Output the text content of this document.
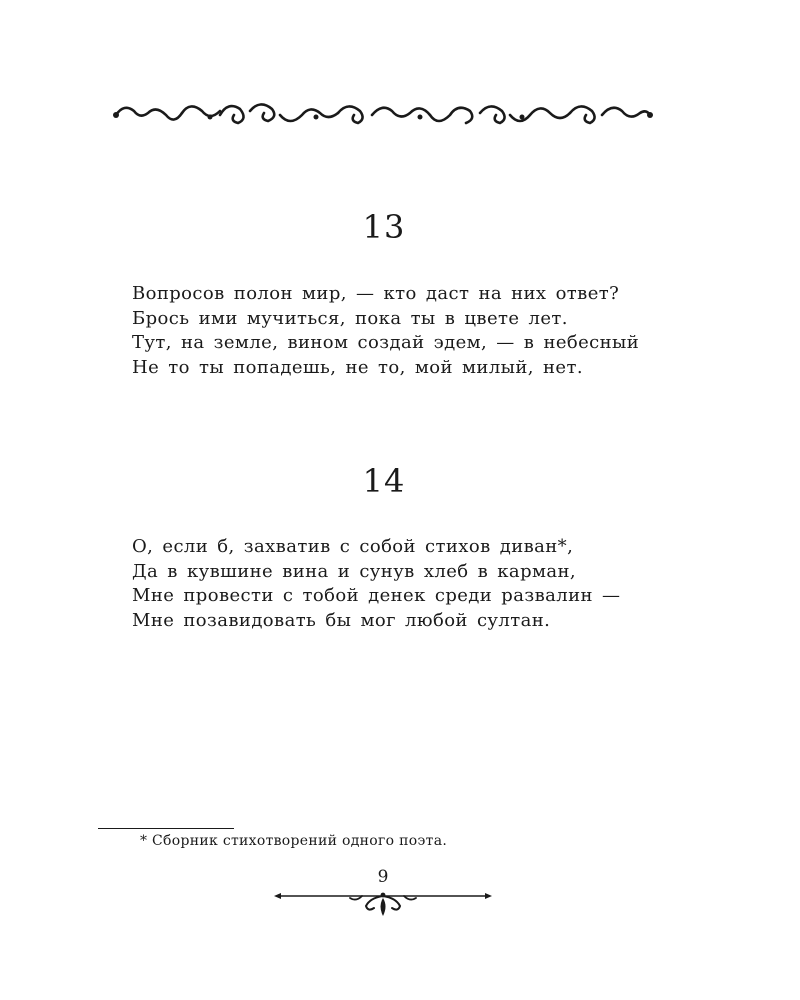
13

Вопросов полон мир, — кто даст на них ответ?
Брось ими мучиться, пока ты в цвете лет.
Тут, на земле, вином создай эдем, — в небесный
Не то ты попадешь, не то, мой милый, нет.

14

О, если б, захватив с собой стихов диван*,
Да в кувшине вина и сунув хлеб в карман,
Мне провести с тобой денек среди развалин —
Мне позавидовать бы мог любой султан.

* Сборник стихотворений одного поэта.
9
